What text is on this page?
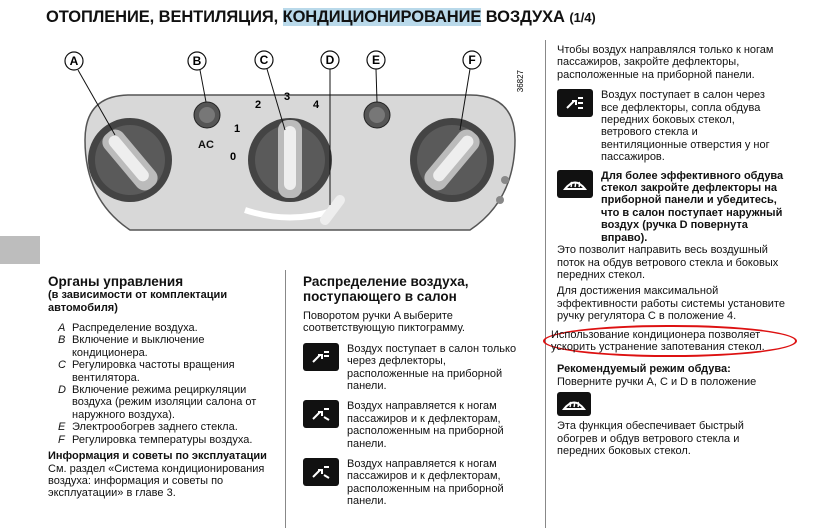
ОТОПЛЕНИЕ, ВЕНТИЛЯЦИЯ, КОНДИЦИОНИРОВАНИЕ ВОЗДУХА (1/4)
AC
0
1
2
3
4
A	B	C	D	E	F
36827
Органы управления
(в зависимости от комплектации автомобиля)
A Распределение воздуха.
B Включение и выключение кондиционера.
C Регулировка частоты вращения вентилятора.
D Включение режима рециркуляции воздуха (режим изоляции салона от наружного воздуха).
E Электрообогрев заднего стекла.
F Регулировка температуры воздуха.
Информация и советы по эксплуатации
См. раздел «Система кондиционирования воздуха: информация и советы по эксплуатации» в главе 3.
Распределение воздуха, поступающего в салон
Поворотом ручки A выберите соответствующую пиктограмму.
Воздух поступает в салон только через дефлекторы, расположенные на приборной панели.
Воздух направляется к ногам пассажиров и к дефлекторам, расположенным на приборной панели.
Воздух направляется к ногам пассажиров и к дефлекторам, расположенным на приборной панели.
Чтобы воздух направлялся только к ногам пассажиров, закройте дефлекторы, расположенные на приборной панели.
Воздух поступает в салон через все дефлекторы, сопла обдува передних боковых стекол, ветрового стекла и вентиляционные отверстия у ног пассажиров.
Для более эффективного обдува стекол закройте дефлекторы на приборной панели и убедитесь, что в салон поступает наружный воздух (ручка D повернута вправо).
Это позволит направить весь воздушный поток на обдув ветрового стекла и боковых передних стекол.
Для достижения максимальной эффективности работы системы установите ручку регулятора C в положение 4.
Использование кондиционера позволяет ускорить устранение запотевания стекол.
Рекомендуемый режим обдува:
Поверните ручки A, C и D в положение
Эта функция обеспечивает быстрый обогрев и обдув ветрового стекла и передних боковых стекол.
